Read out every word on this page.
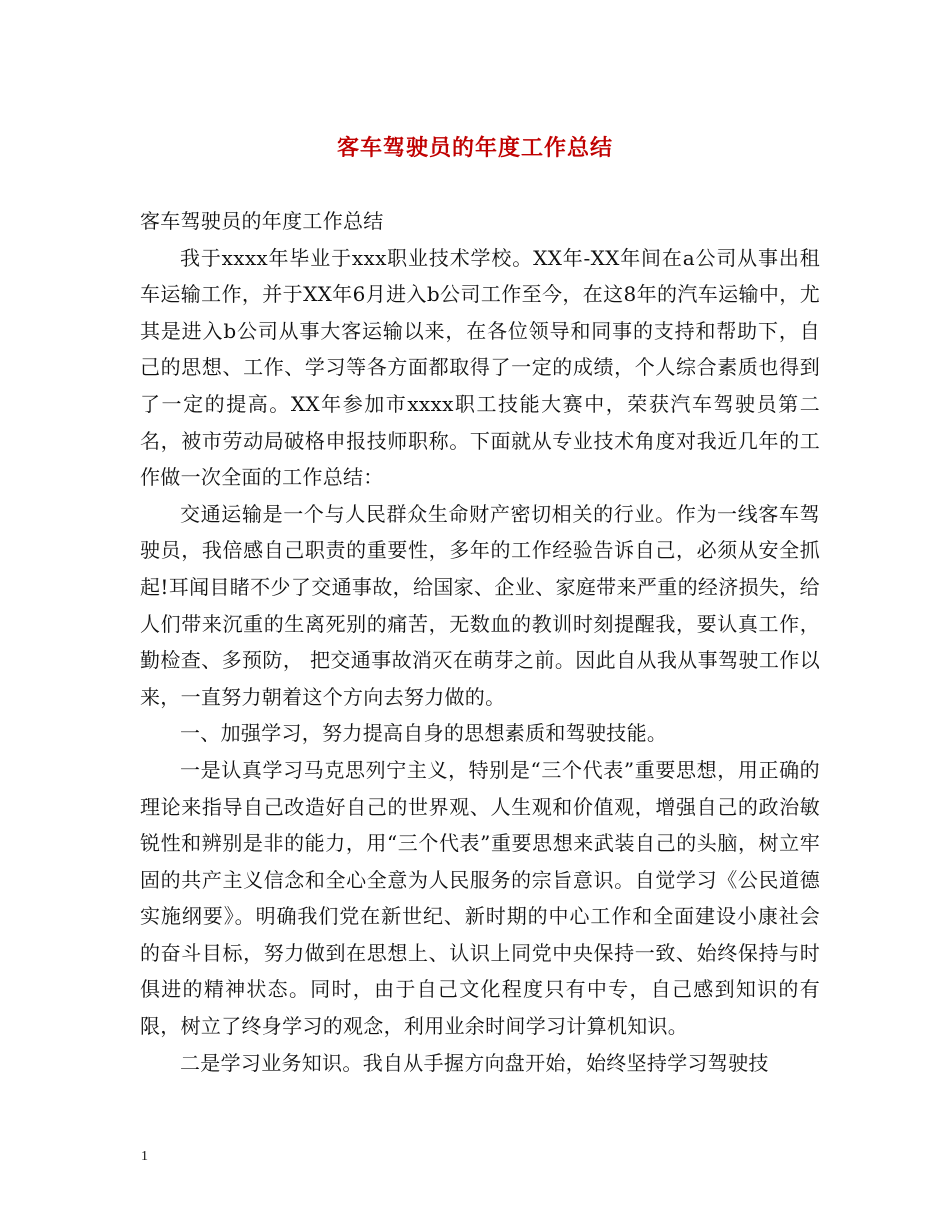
客车驾驶员的年度工作总结

客车驾驶员的年度工作总结

我于xxxx年毕业于xxx职业技术学校。XX年-XX年间在a公司从事出租车运输工作，并于XX年6月进入b公司工作至今，在这8年的汽车运输中，尤其是进入b公司从事大客运输以来，在各位领导和同事的支持和帮助下，自己的思想、工作、学习等各方面都取得了一定的成绩，个人综合素质也得到了一定的提高。XX年参加市xxxx职工技能大赛中，荣获汽车驾驶员第二名，被市劳动局破格申报技师职称。下面就从专业技术角度对我近几年的工作做一次全面的工作总结：

交通运输是一个与人民群众生命财产密切相关的行业。作为一线客车驾驶员，我倍感自己职责的重要性，多年的工作经验告诉自己，必须从安全抓起!耳闻目睹不少了交通事故，给国家、企业、家庭带来严重的经济损失，给人们带来沉重的生离死别的痛苦，无数血的教训时刻提醒我，要认真工作， 勤检查、多预防， 把交通事故消灭在萌芽之前。因此自从我从事驾驶工作以来，一直努力朝着这个方向去努力做的。

一、加强学习，努力提高自身的思想素质和驾驶技能。

一是认真学习马克思列宁主义，特别是“三个代表”重要思想，用正确的理论来指导自己改造好自己的世界观、人生观和价值观，增强自己的政治敏锐性和辨别是非的能力，用“三个代表”重要思想来武装自己的头脑，树立牢固的共产主义信念和全心全意为人民服务的宗旨意识。自觉学习《公民道德实施纲要》。明确我们党在新世纪、新时期的中心工作和全面建设小康社会的奋斗目标，努力做到在思想上、认识上同党中央保持一致、始终保持与时俱进的精神状态。同时，由于自己文化程度只有中专，自己感到知识的有限，树立了终身学习的观念，利用业余时间学习计算机知识。

二是学习业务知识。我自从手握方向盘开始，始终坚持学习驾驶技

1
